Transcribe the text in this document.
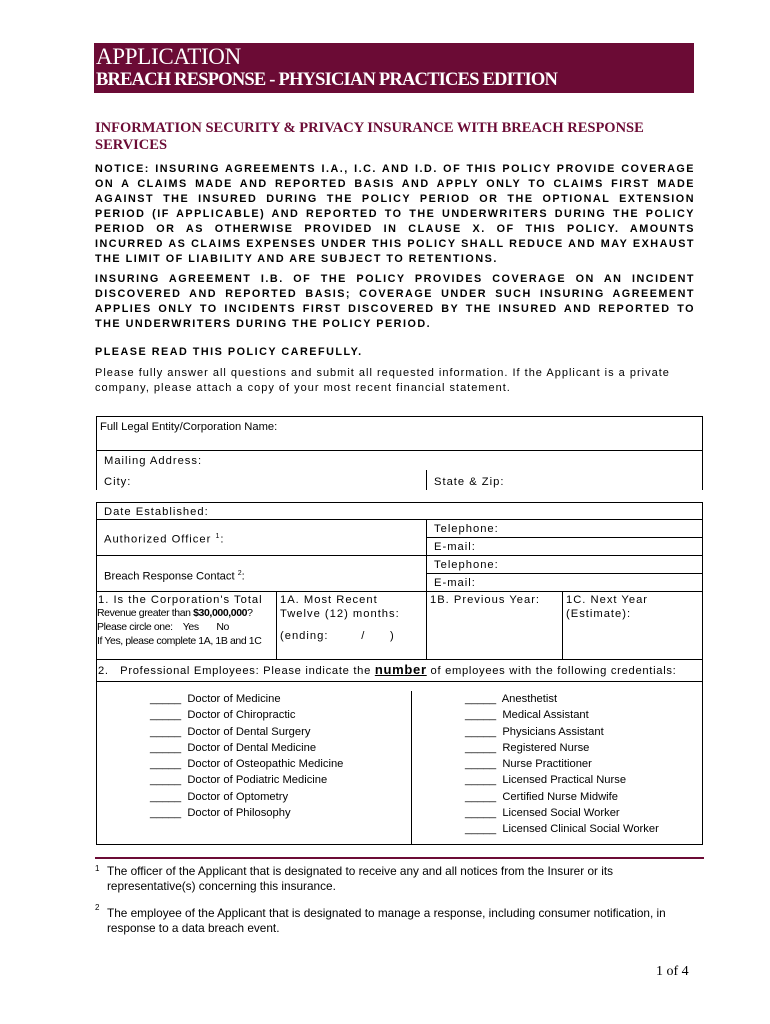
APPLICATION
BREACH RESPONSE - PHYSICIAN PRACTICES EDITION
INFORMATION SECURITY & PRIVACY INSURANCE WITH BREACH RESPONSE SERVICES
NOTICE: INSURING AGREEMENTS I.A., I.C. AND I.D. OF THIS POLICY PROVIDE COVERAGE ON A CLAIMS MADE AND REPORTED BASIS AND APPLY ONLY TO CLAIMS FIRST MADE AGAINST THE INSURED DURING THE POLICY PERIOD OR THE OPTIONAL EXTENSION PERIOD (IF APPLICABLE) AND REPORTED TO THE UNDERWRITERS DURING THE POLICY PERIOD OR AS OTHERWISE PROVIDED IN CLAUSE X. OF THIS POLICY. AMOUNTS INCURRED AS CLAIMS EXPENSES UNDER THIS POLICY SHALL REDUCE AND MAY EXHAUST THE LIMIT OF LIABILITY AND ARE SUBJECT TO RETENTIONS.
INSURING AGREEMENT I.B. OF THE POLICY PROVIDES COVERAGE ON AN INCIDENT DISCOVERED AND REPORTED BASIS; COVERAGE UNDER SUCH INSURING AGREEMENT APPLIES ONLY TO INCIDENTS FIRST DISCOVERED BY THE INSURED AND REPORTED TO THE UNDERWRITERS DURING THE POLICY PERIOD.
PLEASE READ THIS POLICY CAREFULLY.
Please fully answer all questions and submit all requested information. If the Applicant is a private company, please attach a copy of your most recent financial statement.
Full Legal Entity/Corporation Name:
Mailing Address:
City:	State & Zip:
Date Established:
Authorized Officer $^1$:
Breach Response Contact $^2$:
Telephone:
E-mail:
Telephone:
E-mail:
1. Is the Corporation's Total
Revenue greater than $30,000,000?
Please circle one: Yes No
If Yes, please complete 1A, 1B and 1C
1A. Most Recent Twelve (12) months:
(ending:        /      )
1B. Previous Year: 1C. Next Year (Estimate):
2.   Professional Employees: Please indicate the number of employees with the following credentials:
_____  Doctor of Medicine
_____  Doctor of Chiropractic
_____  Doctor of Dental Surgery
_____  Doctor of Dental Medicine
_____  Doctor of Osteopathic Medicine
_____  Doctor of Podiatric Medicine
_____  Doctor of Optometry
_____  Doctor of Philosophy
_____  Anesthetist
_____  Medical Assistant
_____  Physicians Assistant
_____  Registered Nurse
_____  Nurse Practitioner
_____  Licensed Practical Nurse
_____  Certified Nurse Midwife
_____  Licensed Social Worker
_____  Licensed Clinical Social Worker
1 The officer of the Applicant that is designated to receive any and all notices from the Insurer or its representative(s) concerning this insurance.
2 The employee of the Applicant that is designated to manage a response, including consumer notification, in response to a data breach event.
1 of 4
